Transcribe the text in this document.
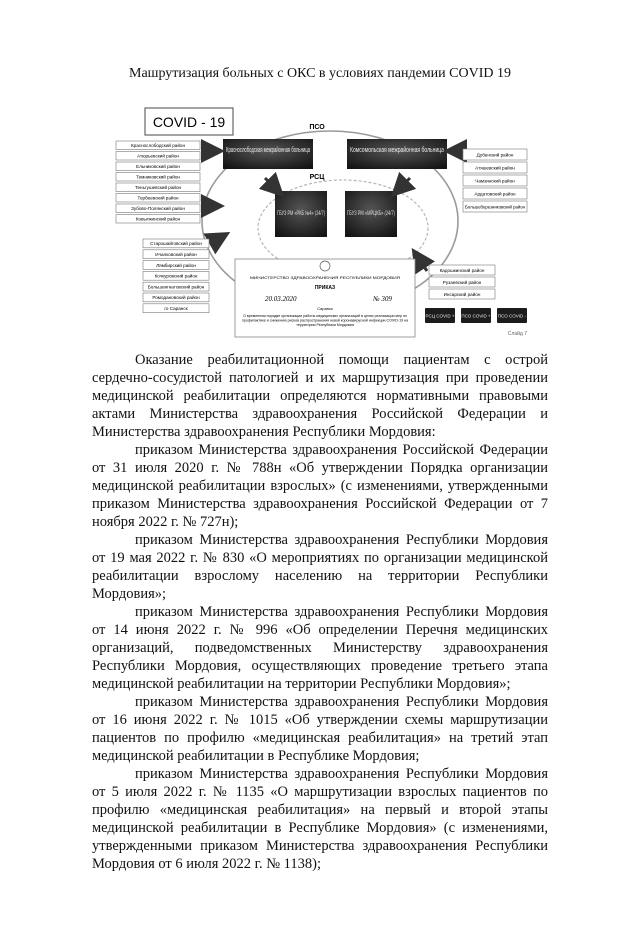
Машрутизация больных с ОКС в условиях пандемии COVID 19
COVID - 19	ПСО
РСЦ
Краснослободская межрайонная больница
Комсомольская межрайонная больница
ГБУЗ РМ «РКБ №4» (24/7)
ГБУЗ РМ «МРЦКБ» (24/7)
Краснослободский район
Атюрьевский район
Ельниковский район
Темниковский район
Теньгушевский район
Торбеевский район
Зубово-Полянский район
Ковылкинский район
Старошайговский район
Ичалковский район
Лямбирский район
Кочкуровский район
Большеигнатовский район
Ромодановский район
го Саранск
Дубенский район
Атяшевский район
Чамзинский район
Ардатовский район
Большеберезниковский район
Кадошкинский район
Рузаевский район
Инсарский район
МИНИСТЕРСТВО ЗДРАВООХРАНЕНИЯ РЕСПУБЛИКИ МОРДОВИЯ
ПРИКАЗ
20.03.2020	№ 309
Саранск
О временном порядке организации работы медицинских организаций в целях реализации мер по профилактике и снижению рисков распространения новой коронавирусной инфекции COVID-19 на территории Республики Мордовия
РСЦ COVID + ПСО COVID + ПСО COVID -
Слайд 7

Оказание реабилитационной помощи пациентам с острой сердечно-сосудистой патологией и их маршрутизация при проведении медицинской реабилитации определяются нормативными правовыми актами Министерства здравоохранения Российской Федерации и Министерства здравоохранения Республики Мордовия:

приказом Министерства здравоохранения Российской Федерации от 31 июля 2020 г. № 788н «Об утверждении Порядка организации медицинской реабилитации взрослых» (с изменениями, утвержденными приказом Министерства здравоохранения Российской Федерации от 7 ноября 2022 г. № 727н);

приказом Министерства здравоохранения Республики Мордовия от 19 мая 2022 г. № 830 «О мероприятиях по организации медицинской реабилитации взрослому населению на территории Республики Мордовия»;

приказом Министерства здравоохранения Республики Мордовия от 14 июня 2022 г. № 996 «Об определении Перечня медицинских организаций, подведомственных Министерству здравоохранения Республики Мордовия, осуществляющих проведение третьего этапа медицинской реабилитации на территории Республики Мордовия»;

приказом Министерства здравоохранения Республики Мордовия от 16 июня 2022 г. № 1015 «Об утверждении схемы маршрутизации пациентов по профилю «медицинская реабилитация» на третий этап медицинской реабилитации в Республике Мордовия;

приказом Министерства здравоохранения Республики Мордовия от 5 июля 2022 г. № 1135 «О маршрутизации взрослых пациентов по профилю «медицинская реабилитация» на первый и второй этапы медицинской реабилитации в Республике Мордовия» (с изменениями, утвержденными приказом Министерства здравоохранения Республики Мордовия от 6 июля 2022 г. № 1138);
